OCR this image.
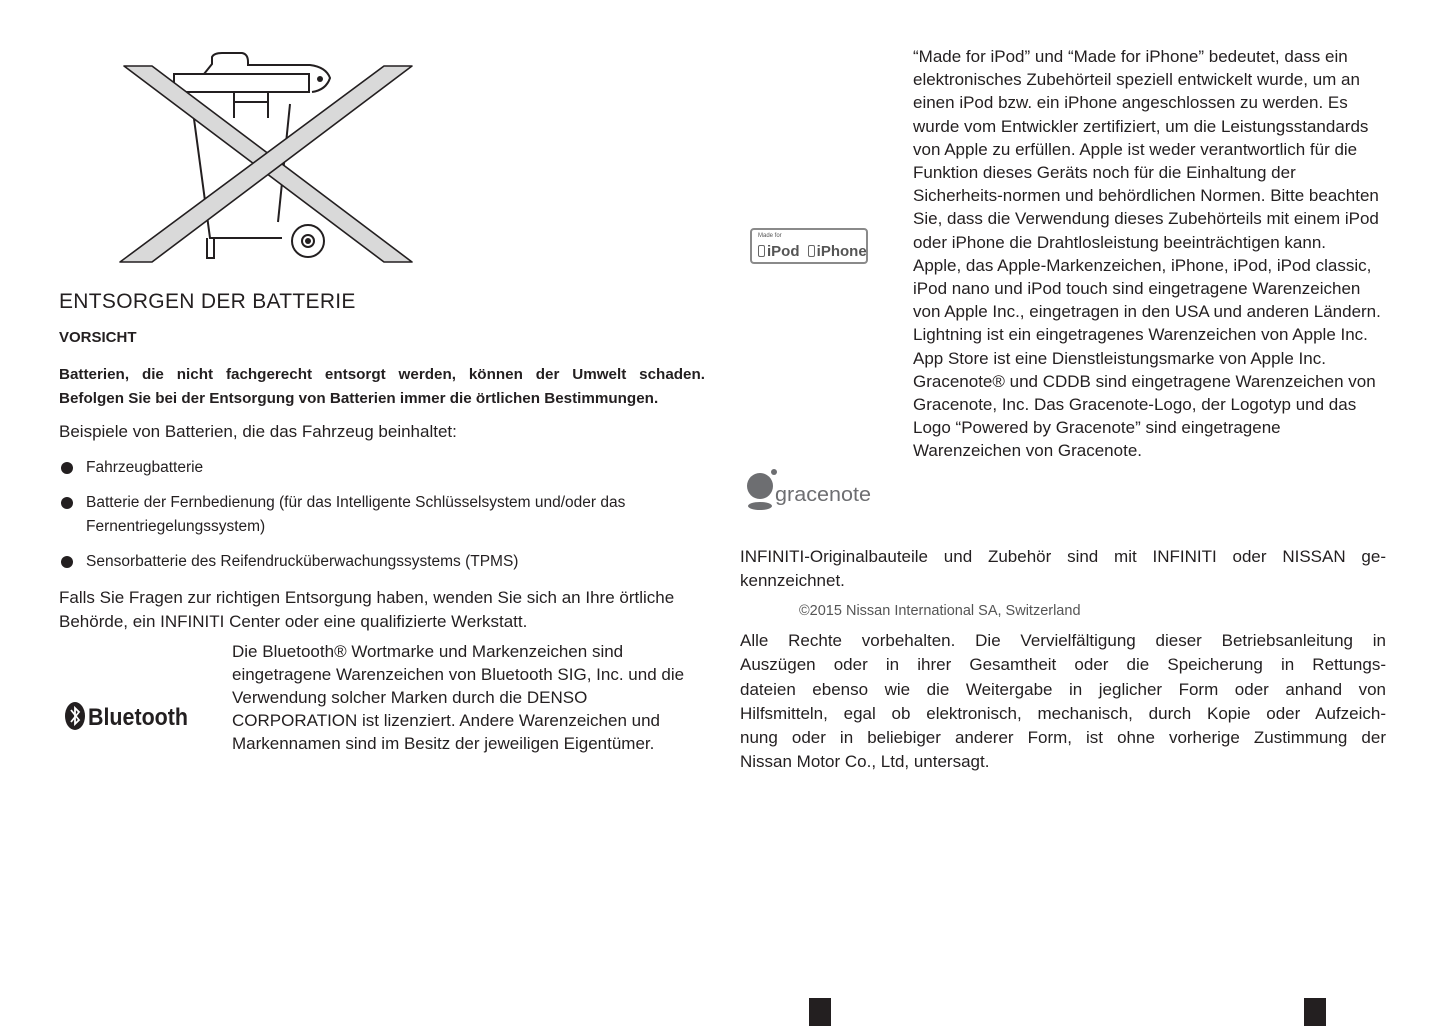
ENTSORGEN DER BATTERIE
VORSICHT
Batterien, die nicht fachgerecht entsorgt werden, können der Umwelt schaden.
Befolgen Sie bei der Entsorgung von Batterien immer die örtlichen Bestimmungen.
Beispiele von Batterien, die das Fahrzeug beinhaltet:
Fahrzeugbatterie
Batterie der Fernbedienung (für das Intelligente Schlüsselsystem und/oder das Fernentriegelungssystem)
Sensorbatterie des Reifendrucküberwachungssystems (TPMS)
Falls Sie Fragen zur richtigen Entsorgung haben, wenden Sie sich an Ihre örtliche Behörde, ein INFINITI Center oder eine qualifizierte Werkstatt.
Bluetooth
Die Bluetooth® Wortmarke und Markenzeichen sind eingetragene Warenzeichen von Bluetooth SIG, Inc. und die Verwendung solcher Marken durch die DENSO CORPORATION ist lizenziert. Andere Warenzeichen und Markennamen sind im Besitz der jeweiligen Eigentümer.
Made for
iPod iPhone
“Made for iPod” und “Made for iPhone” bedeutet, dass ein elektronisches Zubehörteil speziell entwickelt wurde, um an einen iPod bzw. ein iPhone angeschlossen zu werden. Es wurde vom Entwickler zertifiziert, um die Leistungsstandards von Apple zu erfüllen. Apple ist weder verantwortlich für die Funktion dieses Geräts noch für die Einhaltung der Sicherheits-normen und behördlichen Normen. Bitte beachten Sie, dass die Verwendung dieses Zubehörteils mit einem iPod oder iPhone die Drahtlosleistung beeinträchtigen kann.
Apple, das Apple-Markenzeichen, iPhone, iPod, iPod classic, iPod nano und iPod touch sind eingetragene Warenzeichen von Apple Inc., eingetragen in den USA und anderen Ländern. Lightning ist ein eingetragenes Warenzeichen von Apple Inc. App Store ist eine Dienstleistungsmarke von Apple Inc.
Gracenote® und CDDB sind eingetragene Warenzeichen von Gracenote, Inc. Das Gracenote-Logo, der Logotyp und das Logo “Powered by Gracenote” sind eingetragene Warenzeichen von Gracenote.
gracenote
INFINITI-Originalbauteile und Zubehör sind mit INFINITI oder NISSAN ge-kennzeichnet.
©2015 Nissan International SA, Switzerland
Alle Rechte vorbehalten. Die Vervielfältigung dieser Betriebsanleitung in
Auszügen oder in ihrer Gesamtheit oder die Speicherung in Rettungs-
dateien ebenso wie die Weitergabe in jeglicher Form oder anhand von
Hilfsmitteln, egal ob elektronisch, mechanisch, durch Kopie oder Aufzeich-
nung oder in beliebiger anderer Form, ist ohne vorherige Zustimmung der
Nissan Motor Co., Ltd, untersagt.
